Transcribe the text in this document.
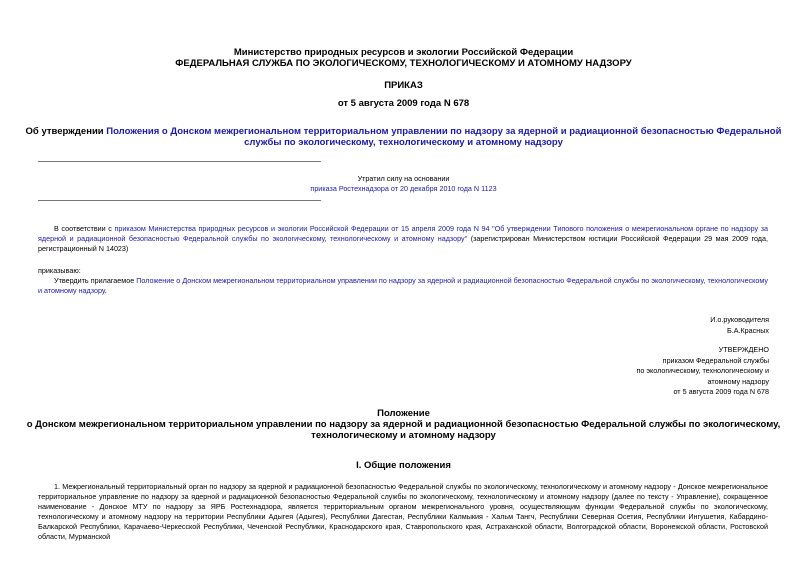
Министерство природных ресурсов и экологии Российской Федерации
ФЕДЕРАЛЬНАЯ СЛУЖБА ПО ЭКОЛОГИЧЕСКОМУ, ТЕХНОЛОГИЧЕСКОМУ И АТОМНОМУ НАДЗОРУ
ПРИКАЗ
от 5 августа 2009 года N 678
Об утверждении Положения о Донском межрегиональном территориальном управлении по надзору за ядерной и радиационной безопасностью Федеральной
службы по экологическому, технологическому и атомному надзору
Утратил силу на основании
приказа Ростехнадзора от 20 декабря 2010 года N 1123
В соответствии с приказом Министерства природных ресурсов и экологии Российской Федерации от 15 апреля 2009 года N 94 "Об утверждении Типового положения о межрегиональном органе по надзору за ядерной и радиационной безопасностью Федеральной службы по экологическому, технологическому и атомному надзору" (зарегистрирован Министерством юстиции Российской Федерации 29 мая 2009 года, регистрационный N 14023)
приказываю:
Утвердить прилагаемое Положение о Донском межрегиональном территориальном управлении по надзору за ядерной и радиационной безопасностью Федеральной службы по экологическому, технологическому и атомному надзору.
И.о.руководителя
Б.А.Красных
УТВЕРЖДЕНО
приказом Федеральной службы
по экологическому, технологическому и
атомному надзору
от 5 августа 2009 года N 678
Положение
о Донском межрегиональном территориальном управлении по надзору за ядерной и радиационной безопасностью Федеральной службы по экологическому,
технологическому и атомному надзору
I. Общие положения
1. Межрегиональный территориальный орган по надзору за ядерной и радиационной безопасностью Федеральной службы по экологическому, технологическому и атомному надзору - Донское межрегиональное территориальное управление по надзору за ядерной и радиационной безопасностью Федеральной службы по экологическому, технологическому и атомному надзору (далее по тексту - Управление), сокращенное наименование - Донское МТУ по надзору за ЯРБ Ростехнадзора, является территориальным органом межрегионального уровня, осуществляющим функции Федеральной службы по экологическому, технологическому и атомному надзору на территории Республики Адыгея (Адыгея), Республики Дагестан, Республики Калмыкия - Хальм Тангч, Республики Северная Осетия, Республики Ингушетия, Кабардино-Балкарской Республики, Карачаево-Черкесской Республики, Чеченской Республики, Краснодарского края, Ставропольского края, Астраханской области, Волгоградской области, Воронежской области, Ростовской области, Мурманской
